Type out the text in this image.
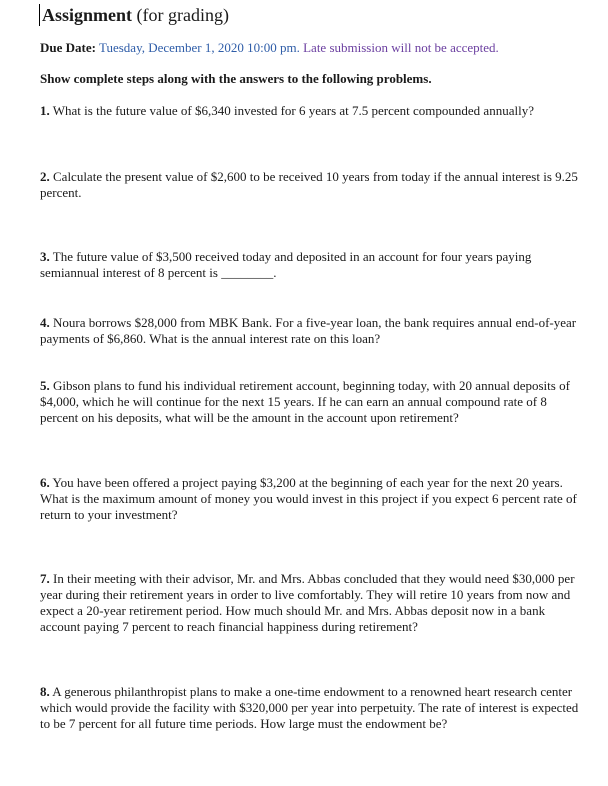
Assignment (for grading)
Due Date: Tuesday, December 1, 2020 10:00 pm. Late submission will not be accepted.
Show complete steps along with the answers to the following problems.
1. What is the future value of $6,340 invested for 6 years at 7.5 percent compounded annually?
2. Calculate the present value of $2,600 to be received 10 years from today if the annual interest is 9.25 percent.
3. The future value of $3,500 received today and deposited in an account for four years paying semiannual interest of 8 percent is ________.
4. Noura borrows $28,000 from MBK Bank. For a five-year loan, the bank requires annual end-of-year payments of $6,860. What is the annual interest rate on this loan?
5. Gibson plans to fund his individual retirement account, beginning today, with 20 annual deposits of $4,000, which he will continue for the next 15 years. If he can earn an annual compound rate of 8 percent on his deposits, what will be the amount in the account upon retirement?
6. You have been offered a project paying $3,200 at the beginning of each year for the next 20 years. What is the maximum amount of money you would invest in this project if you expect 6 percent rate of return to your investment?
7. In their meeting with their advisor, Mr. and Mrs. Abbas concluded that they would need $30,000 per year during their retirement years in order to live comfortably. They will retire 10 years from now and expect a 20-year retirement period. How much should Mr. and Mrs. Abbas deposit now in a bank account paying 7 percent to reach financial happiness during retirement?
8. A generous philanthropist plans to make a one-time endowment to a renowned heart research center which would provide the facility with $320,000 per year into perpetuity. The rate of interest is expected to be 7 percent for all future time periods. How large must the endowment be?
